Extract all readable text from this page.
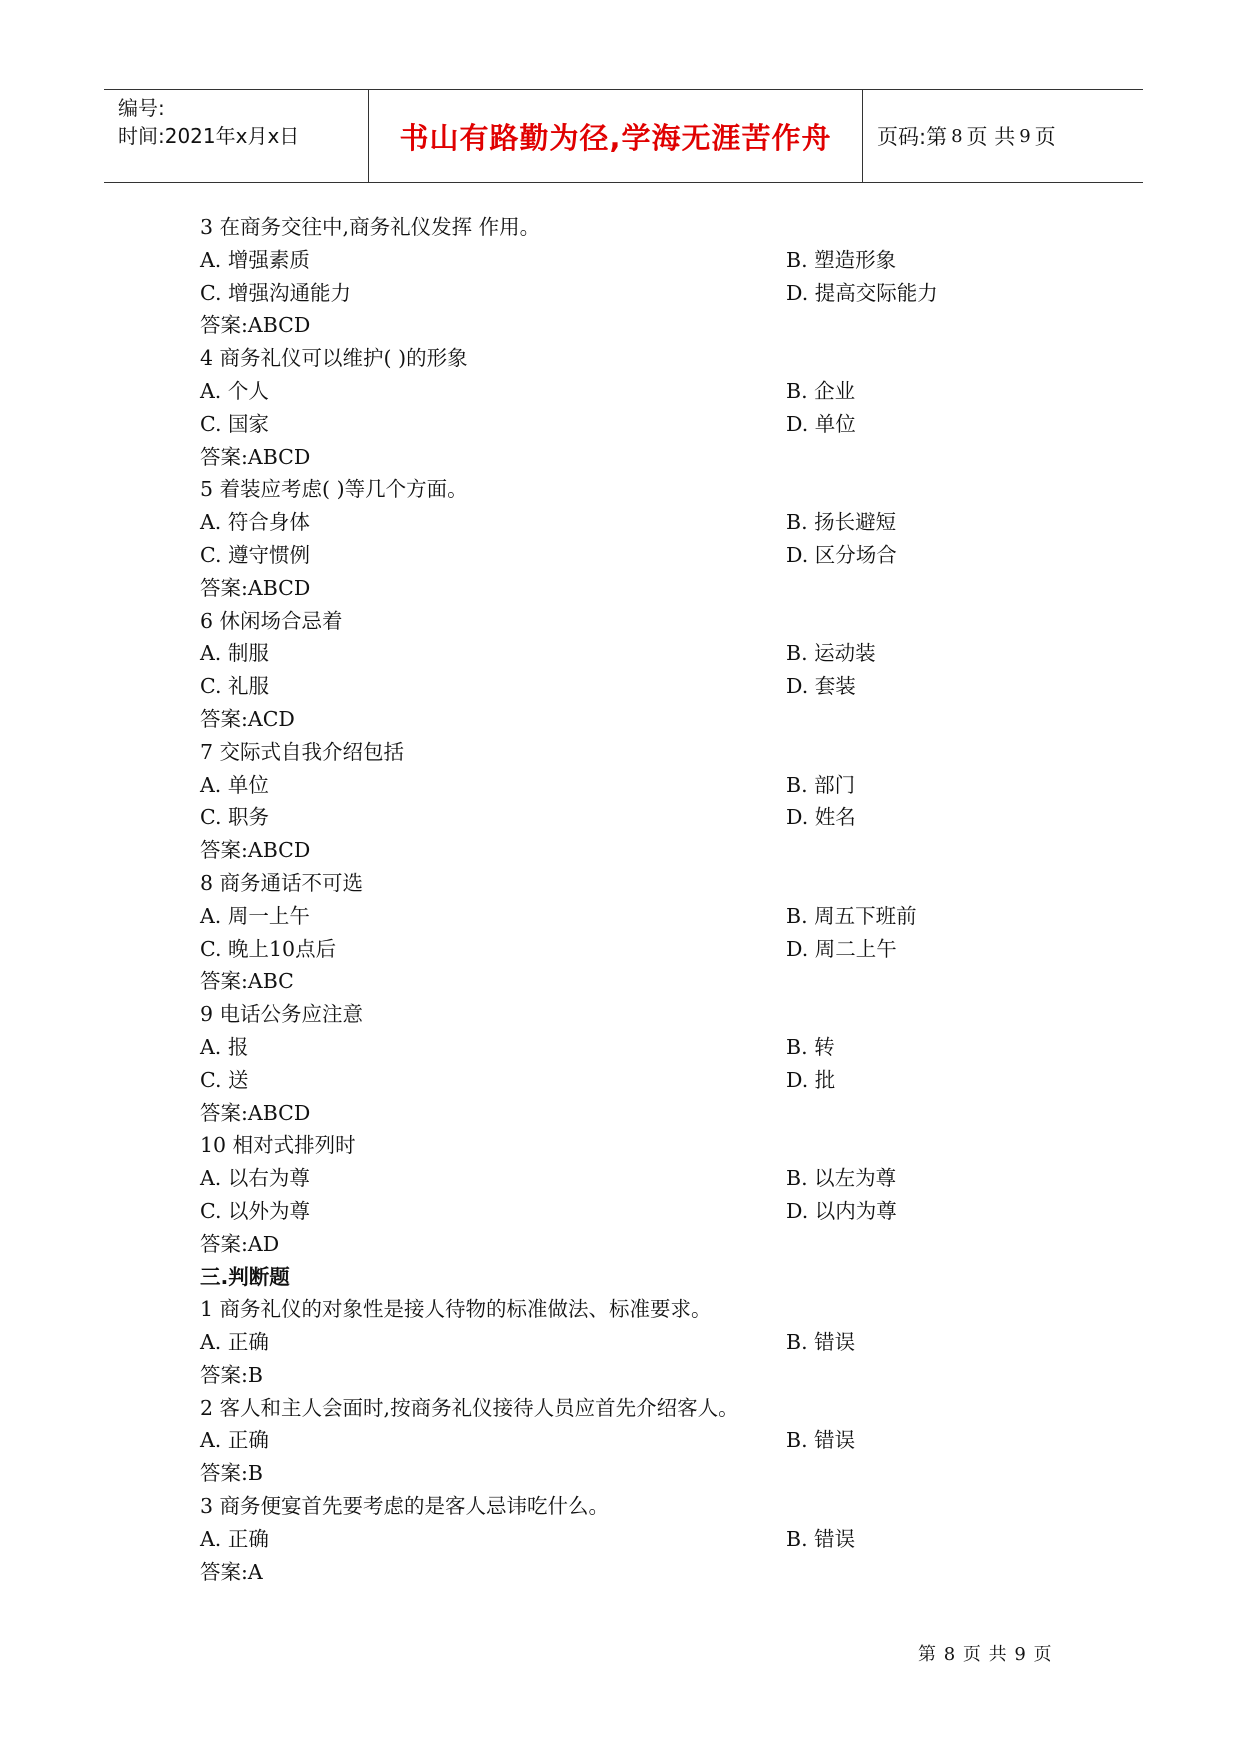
编号:
时间:2021年x月x日	书山有路勤为径,学海无涯苦作舟 页码:第 8 页 共 9 页
3 在商务交往中,商务礼仪发挥 作用。
A. 增强素质	B. 塑造形象
C. 增强沟通能力	D. 提高交际能力
答案:ABCD
4 商务礼仪可以维护( )的形象
A. 个人	B. 企业
C. 国家	D. 单位
答案:ABCD
5 着装应考虑( )等几个方面。
A. 符合身体	B. 扬长避短
C. 遵守惯例	D. 区分场合
答案:ABCD
6 休闲场合忌着
A. 制服	B. 运动装
C. 礼服	D. 套装
答案:ACD
7 交际式自我介绍包括
A. 单位	B. 部门
C. 职务	D. 姓名
答案:ABCD
8 商务通话不可选
A. 周一上午	B. 周五下班前
C. 晚上10点后	D. 周二上午
答案:ABC
9 电话公务应注意
A. 报	B. 转
C. 送	D. 批
答案:ABCD
10 相对式排列时
A. 以右为尊	B. 以左为尊
C. 以外为尊	D. 以内为尊
答案:AD
三.判断题
1 商务礼仪的对象性是接人待物的标准做法、标准要求。
A. 正确	B. 错误
答案:B
2 客人和主人会面时,按商务礼仪接待人员应首先介绍客人。
A. 正确	B. 错误
答案:B
3 商务便宴首先要考虑的是客人忌讳吃什么。
A. 正确	B. 错误
答案:A
第 8 页 共 9 页
